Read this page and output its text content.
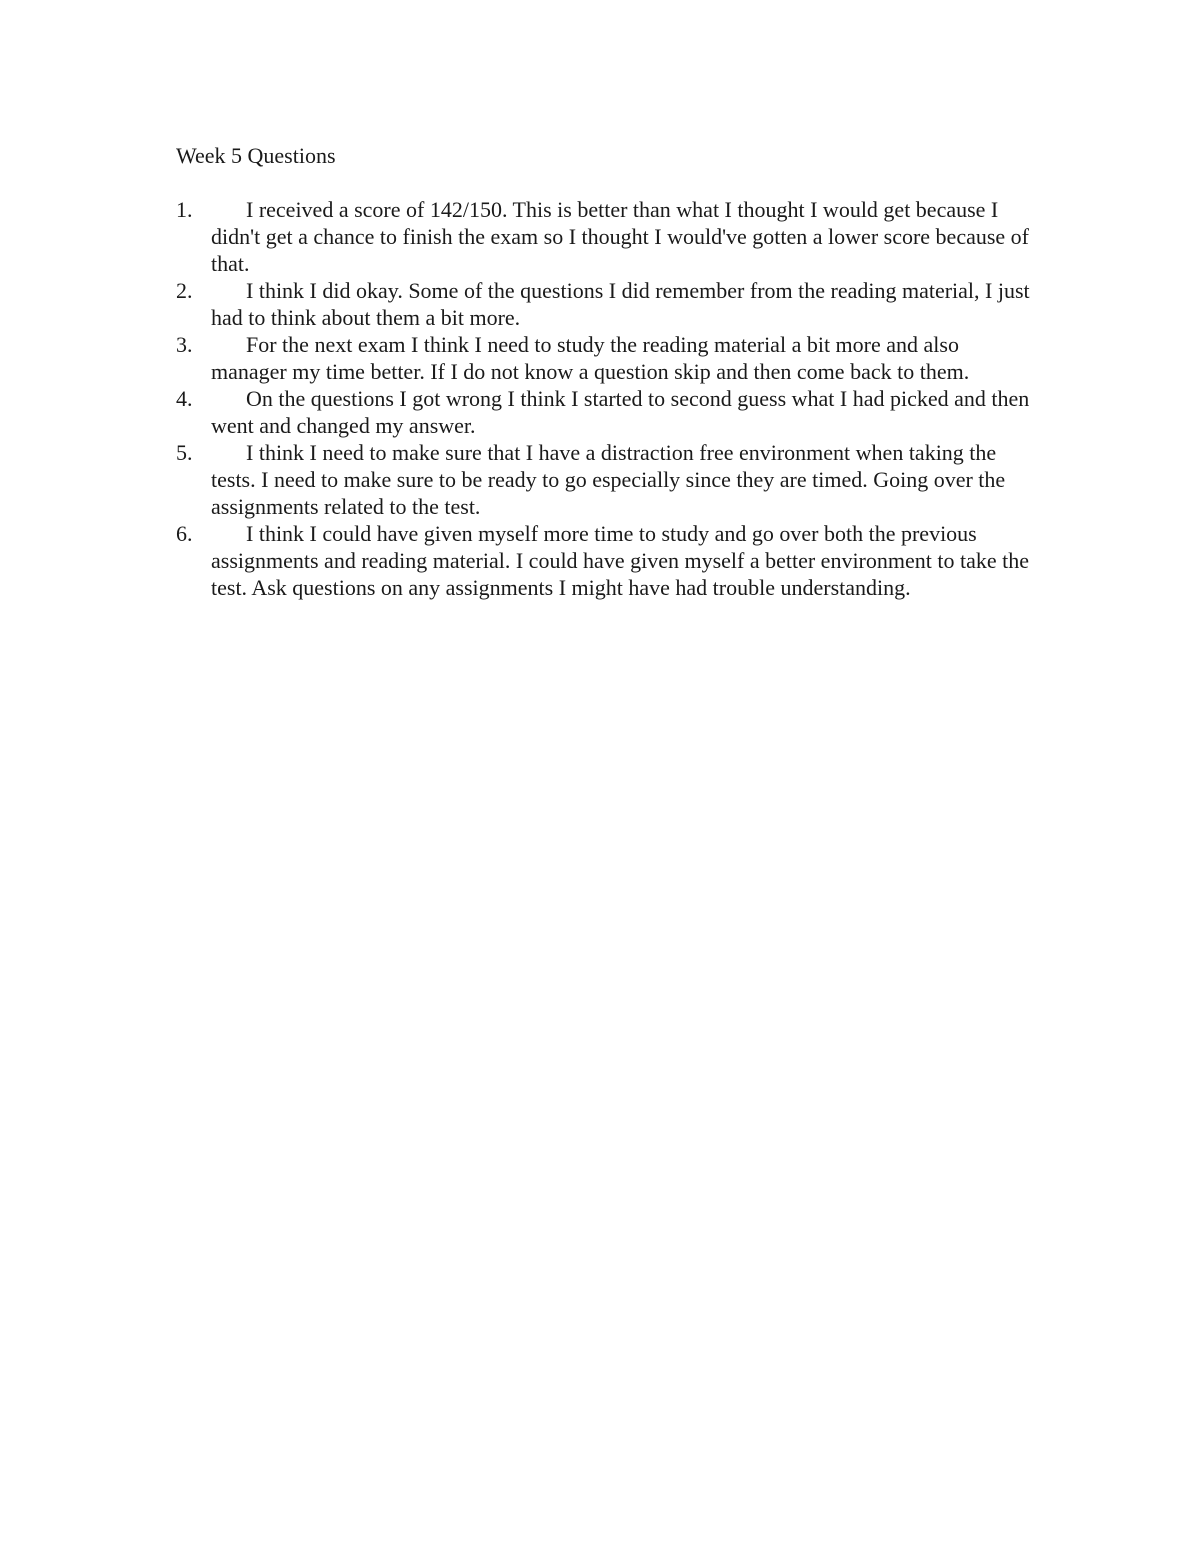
Week 5 Questions
1.	I received a score of 142/150. This is better than what I thought I would get because I didn't get a chance to finish the exam so I thought I would've gotten a lower score because of that.
2.	I think I did okay. Some of the questions I did remember from the reading material, I just had to think about them a bit more.
3.	For the next exam I think I need to study the reading material a bit more and also manager my time better. If I do not know a question skip and then come back to them.
4.	On the questions I got wrong I think I started to second guess what I had picked and then went and changed my answer.
5.	I think I need to make sure that I have a distraction free environment when taking the tests. I need to make sure to be ready to go especially since they are timed. Going over the assignments related to the test.
6.	I think I could have given myself more time to study and go over both the previous assignments and reading material. I could have given myself a better environment to take the test. Ask questions on any assignments I might have had trouble understanding.
